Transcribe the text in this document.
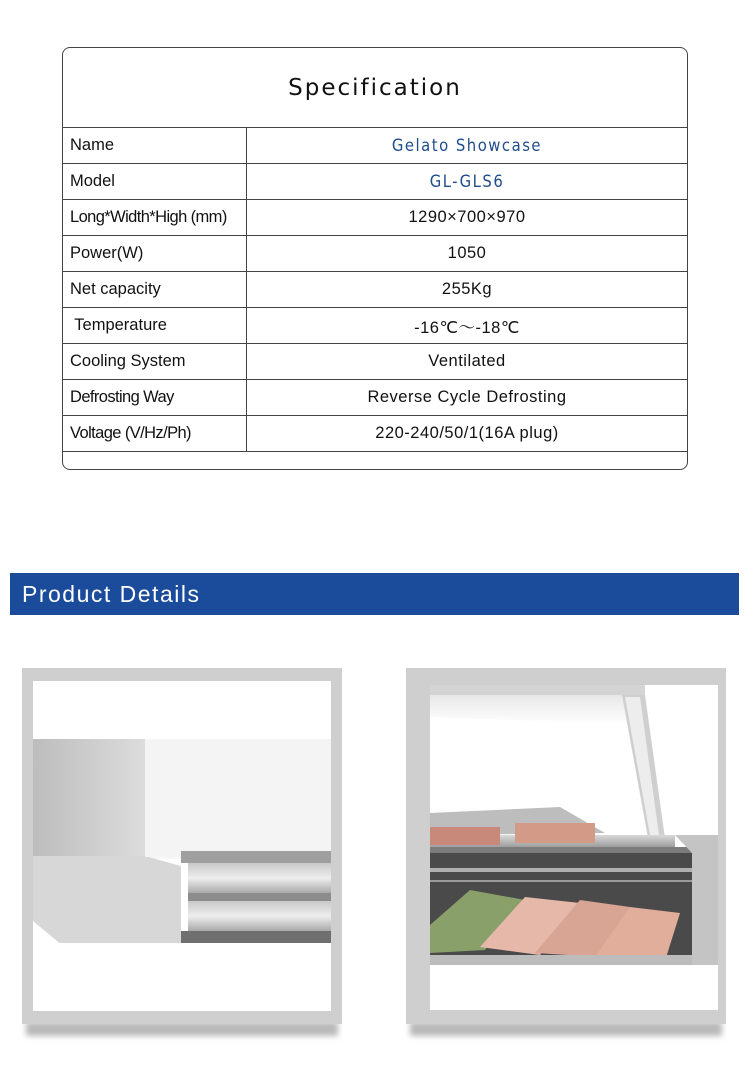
Specification
Name	Gelato Showcase
Model	GL-GLS6
Long*Width*High (mm)	1290×700×970
Power(W)	1050
Net capacity	255Kg
Temperature	-16℃～-18℃
Cooling System	Ventilated
Defrosting Way	Reverse Cycle Defrosting
Voltage (V/Hz/Ph)	220-240/50/1(16A plug)
Product Details
